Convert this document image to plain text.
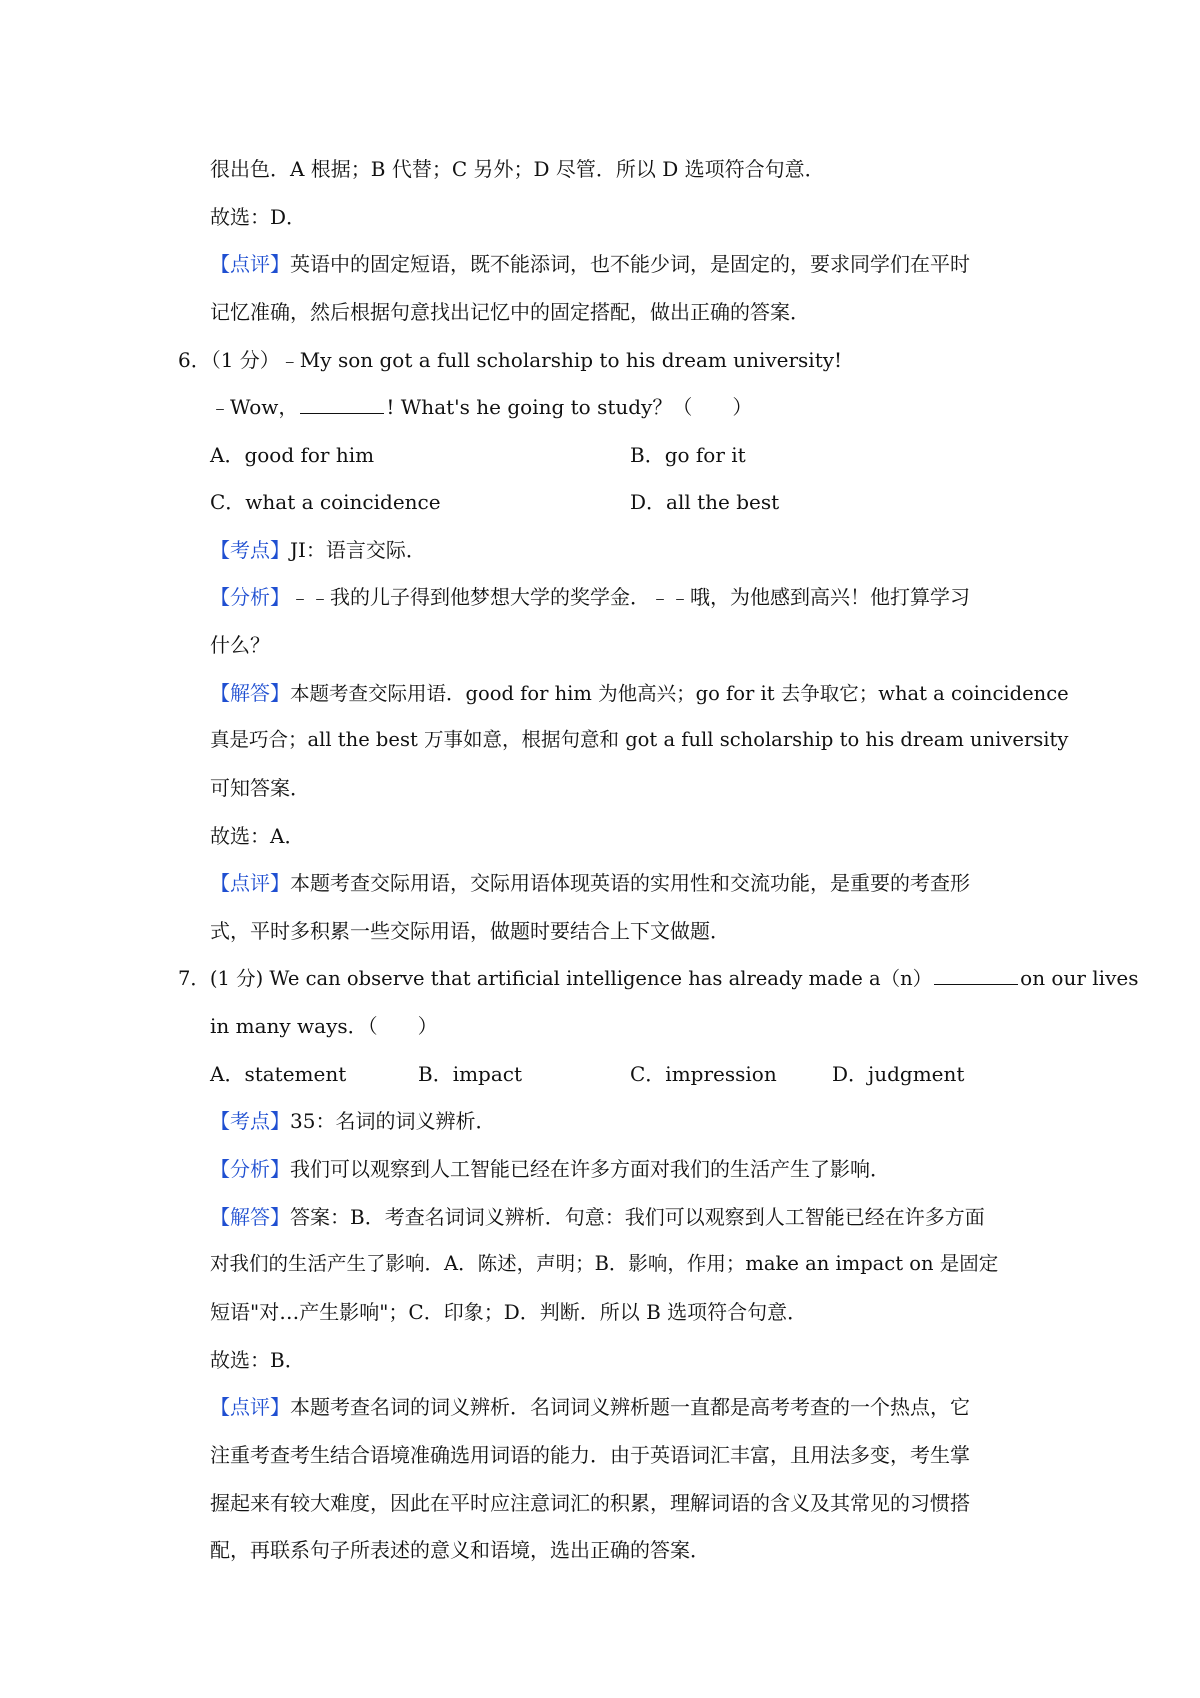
很出色．A 根据；B 代替；C 另外；D 尽管．所以 D 选项符合句意．
故选：D．
【点评】英语中的固定短语，既不能添词，也不能少词，是固定的，要求同学们在平时
记忆准确，然后根据句意找出记忆中的固定搭配，做出正确的答案．
6．（1 分）﹣My son got a full scholarship to his dream university!
﹣Wow，	! What's he going to study？（　　）
A．good for him	B．go for it
C．what a coincidence	D．all the best
【考点】JI：语言交际．
【分析】﹣﹣我的儿子得到他梦想大学的奖学金．﹣﹣哦，为他感到高兴！他打算学习
什么？
【解答】本题考查交际用语．good for him 为他高兴；go for it 去争取它；what a coincidence
真是巧合；all the best 万事如意，根据句意和 got a full scholarship to his dream university
可知答案．
故选：A．
【点评】本题考查交际用语，交际用语体现英语的实用性和交流功能，是重要的考查形
式，平时多积累一些交际用语，做题时要结合上下文做题．
7．(1 分) We can observe that artificial intelligence has already made a（n）	on our lives
in many ways．（　　）
A．statement	B．impact	C．impression	D．judgment
【考点】35：名词的词义辨析．
【分析】我们可以观察到人工智能已经在许多方面对我们的生活产生了影响．
【解答】答案：B．考查名词词义辨析．句意：我们可以观察到人工智能已经在许多方面
对我们的生活产生了影响．A．陈述，声明；B．影响，作用；make an impact on 是固定
短语"对…产生影响"；C．印象；D．判断．所以 B 选项符合句意．
故选：B．
【点评】本题考查名词的词义辨析．名词词义辨析题一直都是高考考查的一个热点，它
注重考查考生结合语境准确选用词语的能力．由于英语词汇丰富，且用法多变，考生掌
握起来有较大难度，因此在平时应注意词汇的积累，理解词语的含义及其常见的习惯搭
配，再联系句子所表述的意义和语境，选出正确的答案．
